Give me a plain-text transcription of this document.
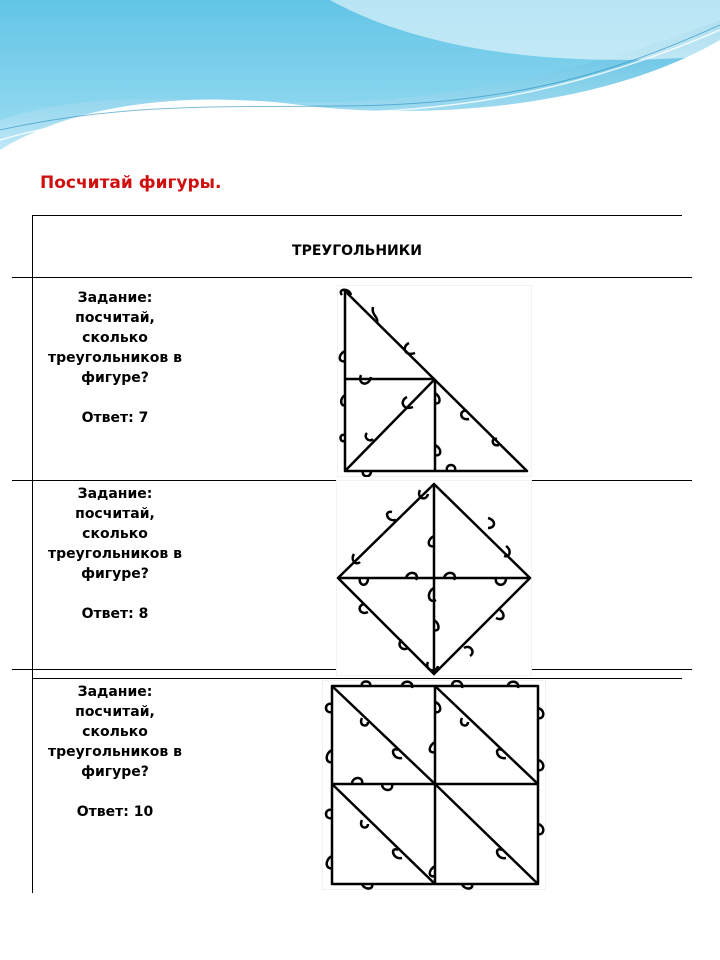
Посчитай фигуры.
ТРЕУГОЛЬНИКИ
Задание:
посчитай,
сколько
треугольников в
фигуре?
Ответ: 7
Задание:
посчитай,
сколько
треугольников в
фигуре?
Ответ: 8
Задание:
посчитай,
сколько
треугольников в
фигуре?
Ответ: 10
